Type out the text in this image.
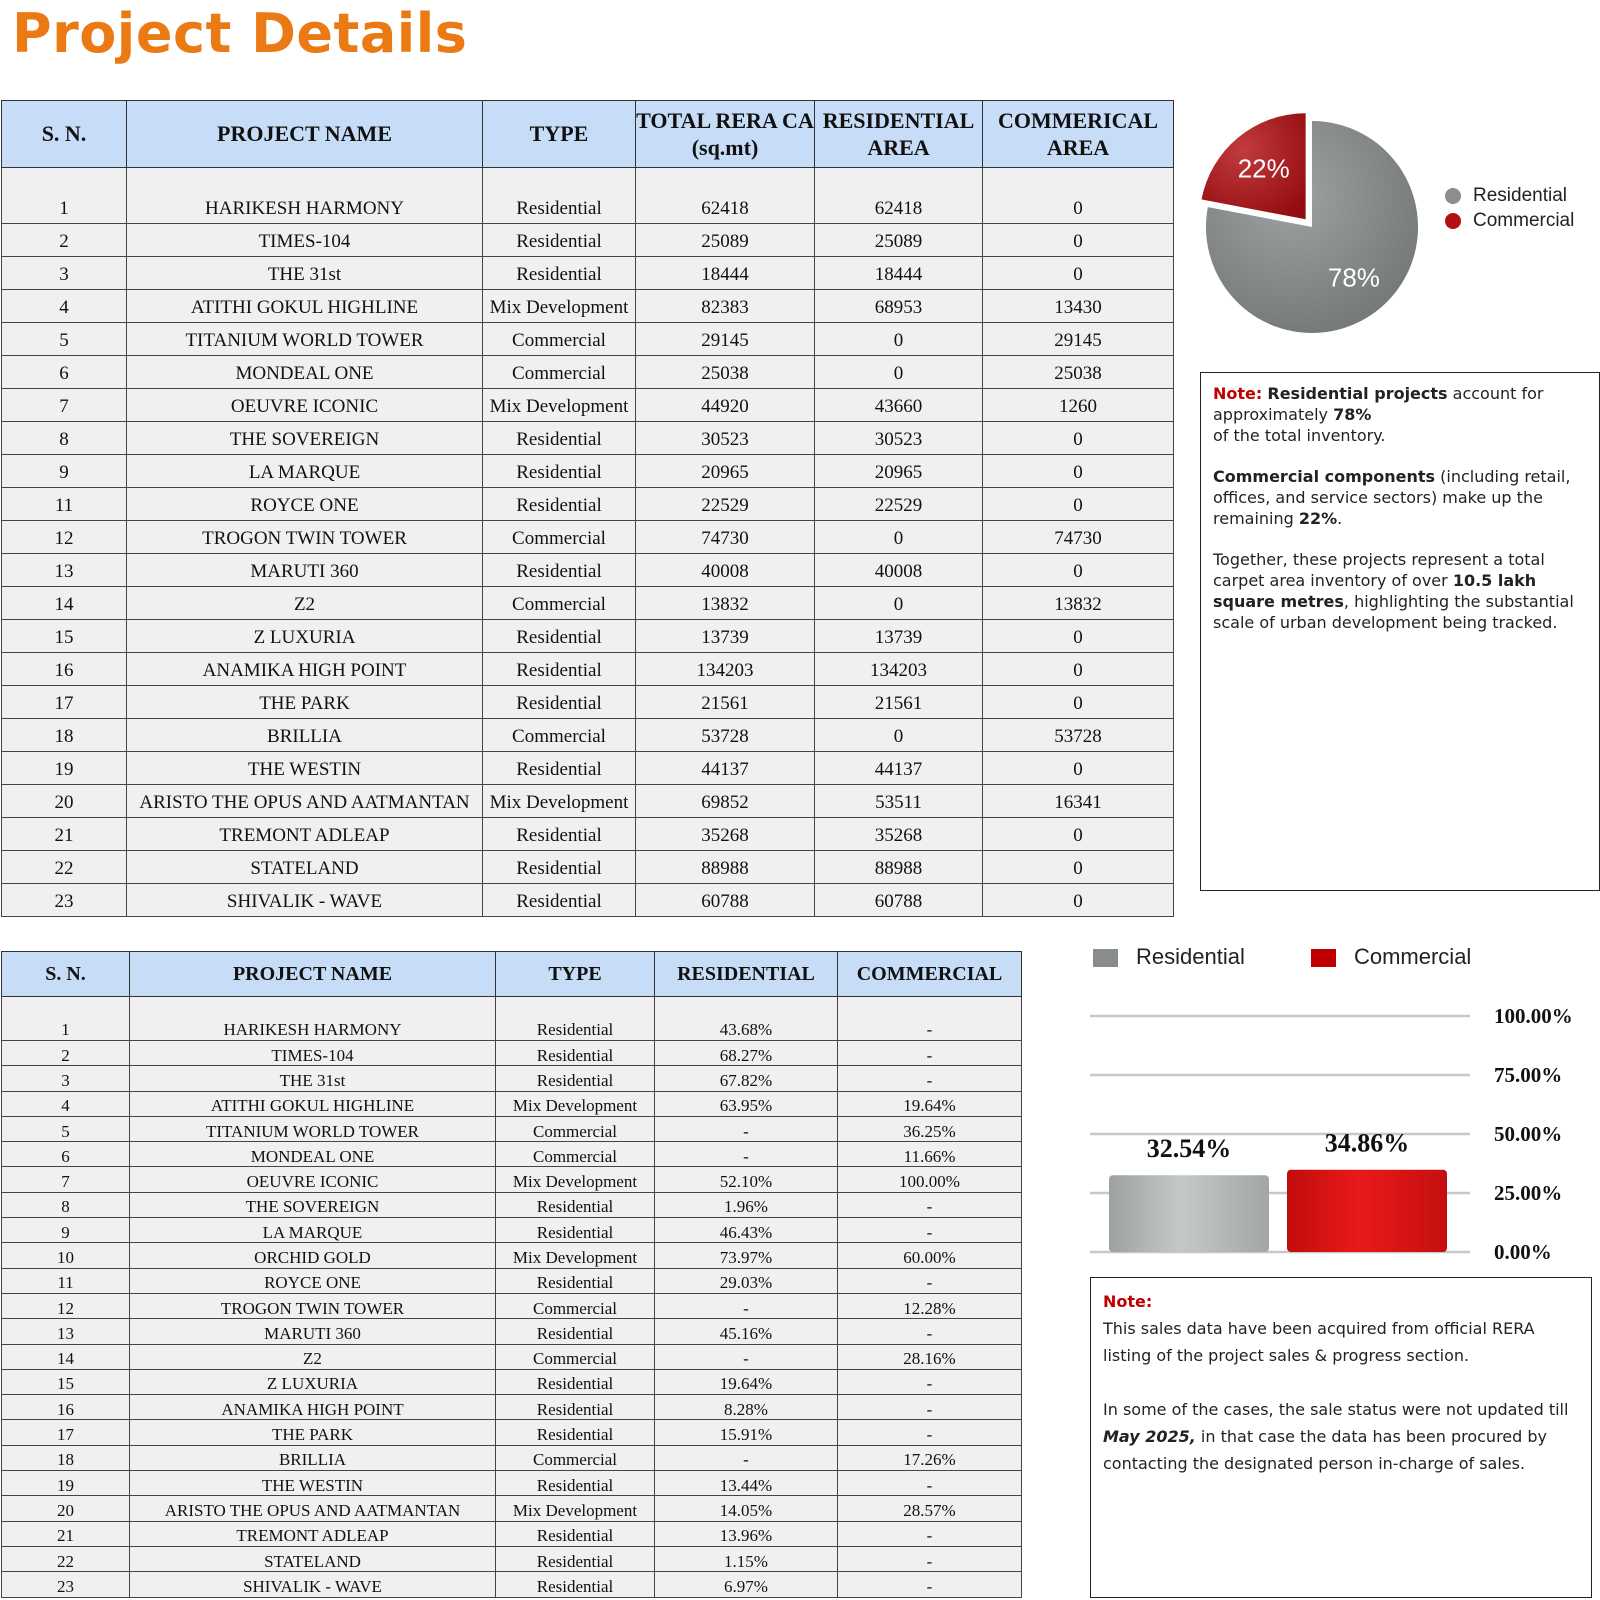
Project Details
S. N.	PROJECT NAME	TYPE	TOTAL RERA CA (sq.mt)	RESIDENTIAL AREA	COMMERICAL AREA
1	HARIKESH HARMONY	Residential	62418	62418	0
2	TIMES-104	Residential	25089	25089	0
3	THE 31st	Residential	18444	18444	0
4	ATITHI GOKUL HIGHLINE	Mix Development	82383	68953	13430
5	TITANIUM WORLD TOWER	Commercial	29145	0	29145
6	MONDEAL ONE	Commercial	25038	0	25038
7	OEUVRE ICONIC	Mix Development	44920	43660	1260
8	THE SOVEREIGN	Residential	30523	30523	0
9	LA MARQUE	Residential	20965	20965	0
11	ROYCE ONE	Residential	22529	22529	0
12	TROGON TWIN TOWER	Commercial	74730	0	74730
13	MARUTI 360	Residential	40008	40008	0
14	Z2	Commercial	13832	0	13832
15	Z LUXURIA	Residential	13739	13739	0
16	ANAMIKA HIGH POINT	Residential	134203	134203	0
17	THE PARK	Residential	21561	21561	0
18	BRILLIA	Commercial	53728	0	53728
19	THE WESTIN	Residential	44137	44137	0
20	ARISTO THE OPUS AND AATMANTAN	Mix Development	69852	53511	16341
21	TREMONT ADLEAP	Residential	35268	35268	0
22	STATELAND	Residential	88988	88988	0
23	SHIVALIK - WAVE	Residential	60788	60788	0
78%
22%
Residential
Commercial

Note: Residential projects account for approximately 78%
of the total inventory.

Commercial components (including retail, offices, and service sectors) make up the remaining 22%.

Together, these projects represent a total carpet area inventory of over 10.5 lakh square metres, highlighting the substantial scale of urban development being tracked.

S. N.	PROJECT NAME	TYPE	RESIDENTIAL	COMMERCIAL
1	HARIKESH HARMONY	Residential	43.68%	-
2	TIMES-104	Residential	68.27%	-
3	THE 31st	Residential	67.82%	-
4	ATITHI GOKUL HIGHLINE	Mix Development	63.95%	19.64%
5	TITANIUM WORLD TOWER	Commercial	-	36.25%
6	MONDEAL ONE	Commercial	-	11.66%
7	OEUVRE ICONIC	Mix Development	52.10%	100.00%
8	THE SOVEREIGN	Residential	1.96%	-
9	LA MARQUE	Residential	46.43%	-
10	ORCHID GOLD	Mix Development	73.97%	60.00%
11	ROYCE ONE	Residential	29.03%	-
12	TROGON TWIN TOWER	Commercial	-	12.28%
13	MARUTI 360	Residential	45.16%	-
14	Z2	Commercial	-	28.16%
15	Z LUXURIA	Residential	19.64%	-
16	ANAMIKA HIGH POINT	Residential	8.28%	-
17	THE PARK	Residential	15.91%	-
18	BRILLIA	Commercial	-	17.26%
19	THE WESTIN	Residential	13.44%	-
20	ARISTO THE OPUS AND AATMANTAN	Mix Development	14.05%	28.57%
21	TREMONT ADLEAP	Residential	13.96%	-
22	STATELAND	Residential	1.15%	-
23	SHIVALIK - WAVE	Residential	6.97%	-
Residential	Commercial
100.00%
75.00%
50.00%
25.00%
0.00%
32.54%	34.86%

Note:

This sales data have been acquired from official RERA listing of the project sales & progress section.

In some of the cases, the sale status were not updated till May 2025, in that case the data has been procured by contacting the designated person in-charge of sales.
